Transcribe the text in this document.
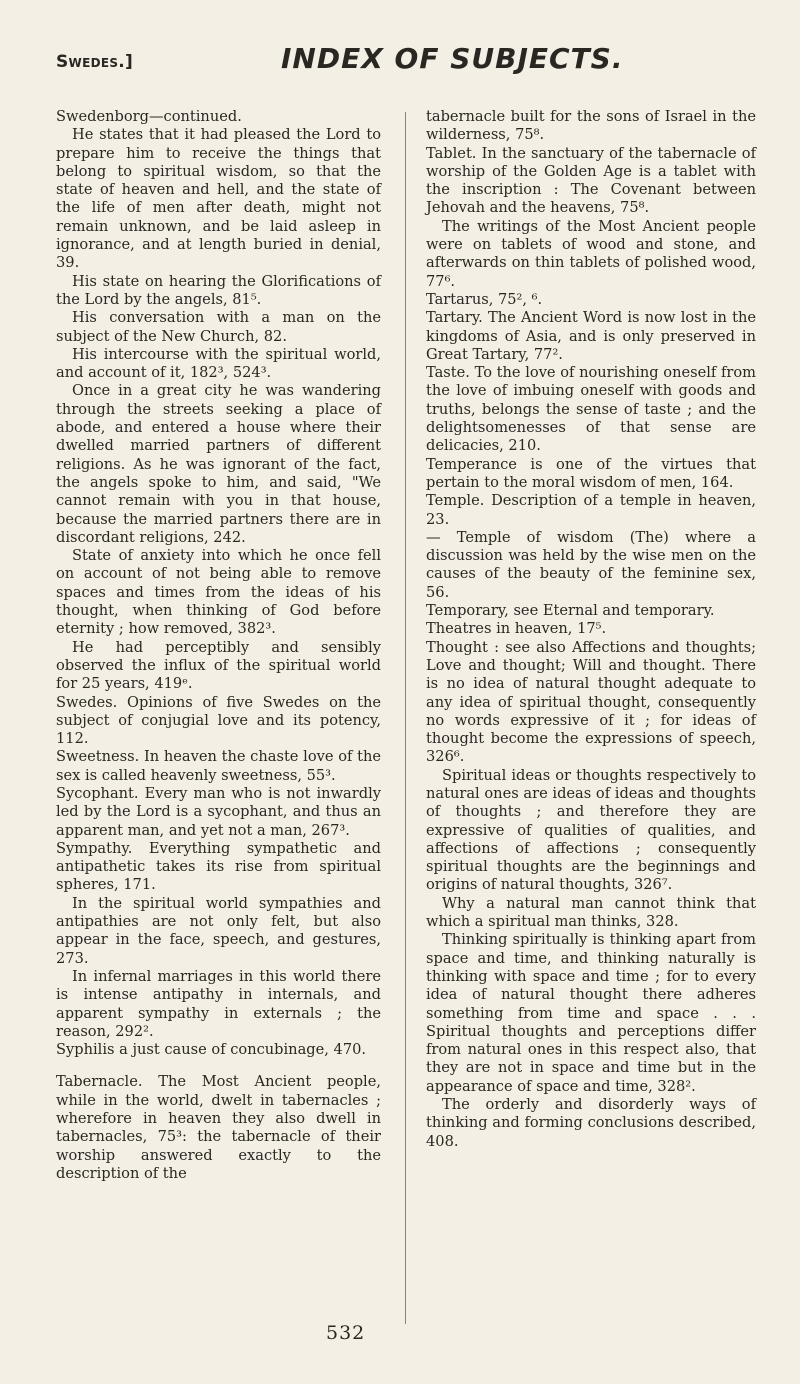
Swedes.]	INDEX OF SUBJECTS.

Swedenborg—continued.

He states that it had pleased the Lord to prepare him to receive the things that belong to spiritual wisdom, so that the state of heaven and hell, and the state of the life of men after death, might not remain unknown, and be laid asleep in ignorance, and at length buried in denial, 39.

His state on hearing the Glorifications of the Lord by the angels, 81⁵.

His conversation with a man on the subject of the New Church, 82.

His intercourse with the spiritual world, and account of it, 182³, 524³.

Once in a great city he was wandering through the streets seeking a place of abode, and entered a house where their dwelled married partners of different religions. As he was ignorant of the fact, the angels spoke to him, and said, "We cannot remain with you in that house, because the married partners there are in discordant religions, 242.

State of anxiety into which he once fell on account of not being able to remove spaces and times from the ideas of his thought, when thinking of God before eternity ; how removed, 382³.

He had perceptibly and sensibly observed the influx of the spiritual world for 25 years, 419ᵉ.

Swedes. Opinions of five Swedes on the subject of conjugial love and its potency, 112.

Sweetness. In heaven the chaste love of the sex is called heavenly sweetness, 55³.

Sycophant. Every man who is not inwardly led by the Lord is a sycophant, and thus an apparent man, and yet not a man, 267³.

Sympathy. Everything sympathetic and antipathetic takes its rise from spiritual spheres, 171.

In the spiritual world sympathies and antipathies are not only felt, but also appear in the face, speech, and gestures, 273.

In infernal marriages in this world there is intense antipathy in internals, and apparent sympathy in externals ; the reason, 292².

Syphilis a just cause of concubinage, 470.

Tabernacle. The Most Ancient people, while in the world, dwelt in tabernacles ; wherefore in heaven they also dwell in tabernacles, 75³: the tabernacle of their worship answered exactly to the description of the

tabernacle built for the sons of Israel in the wilderness, 75⁸.

Tablet. In the sanctuary of the tabernacle of worship of the Golden Age is a tablet with the inscription : The Covenant between Jehovah and the heavens, 75⁸.

The writings of the Most Ancient people were on tablets of wood and stone, and afterwards on thin tablets of polished wood, 77⁶.

Tartarus, 75², ⁶.

Tartary. The Ancient Word is now lost in the kingdoms of Asia, and is only preserved in Great Tartary, 77².

Taste. To the love of nourishing oneself from the love of imbuing oneself with goods and truths, belongs the sense of taste ; and the delightsomenesses of that sense are delicacies, 210.

Temperance is one of the virtues that pertain to the moral wisdom of men, 164.

Temple. Description of a temple in heaven, 23.

— Temple of wisdom (The) where a discussion was held by the wise men on the causes of the beauty of the feminine sex, 56.

Temporary, see Eternal and temporary.

Theatres in heaven, 17⁵.

Thought : see also Affections and thoughts; Love and thought; Will and thought. There is no idea of natural thought adequate to any idea of spiritual thought, consequently no words expressive of it ; for ideas of thought become the expressions of speech, 326⁶.

Spiritual ideas or thoughts respectively to natural ones are ideas of ideas and thoughts of thoughts ; and therefore they are expressive of qualities of qualities, and affections of affections ; consequently spiritual thoughts are the beginnings and origins of natural thoughts, 326⁷.

Why a natural man cannot think that which a spiritual man thinks, 328.

Thinking spiritually is thinking apart from space and time, and thinking naturally is thinking with space and time ; for to every idea of natural thought there adheres something from time and space . . . Spiritual thoughts and perceptions differ from natural ones in this respect also, that they are not in space and time but in the appearance of space and time, 328².

The orderly and disorderly ways of thinking and forming conclusions described, 408.

532
